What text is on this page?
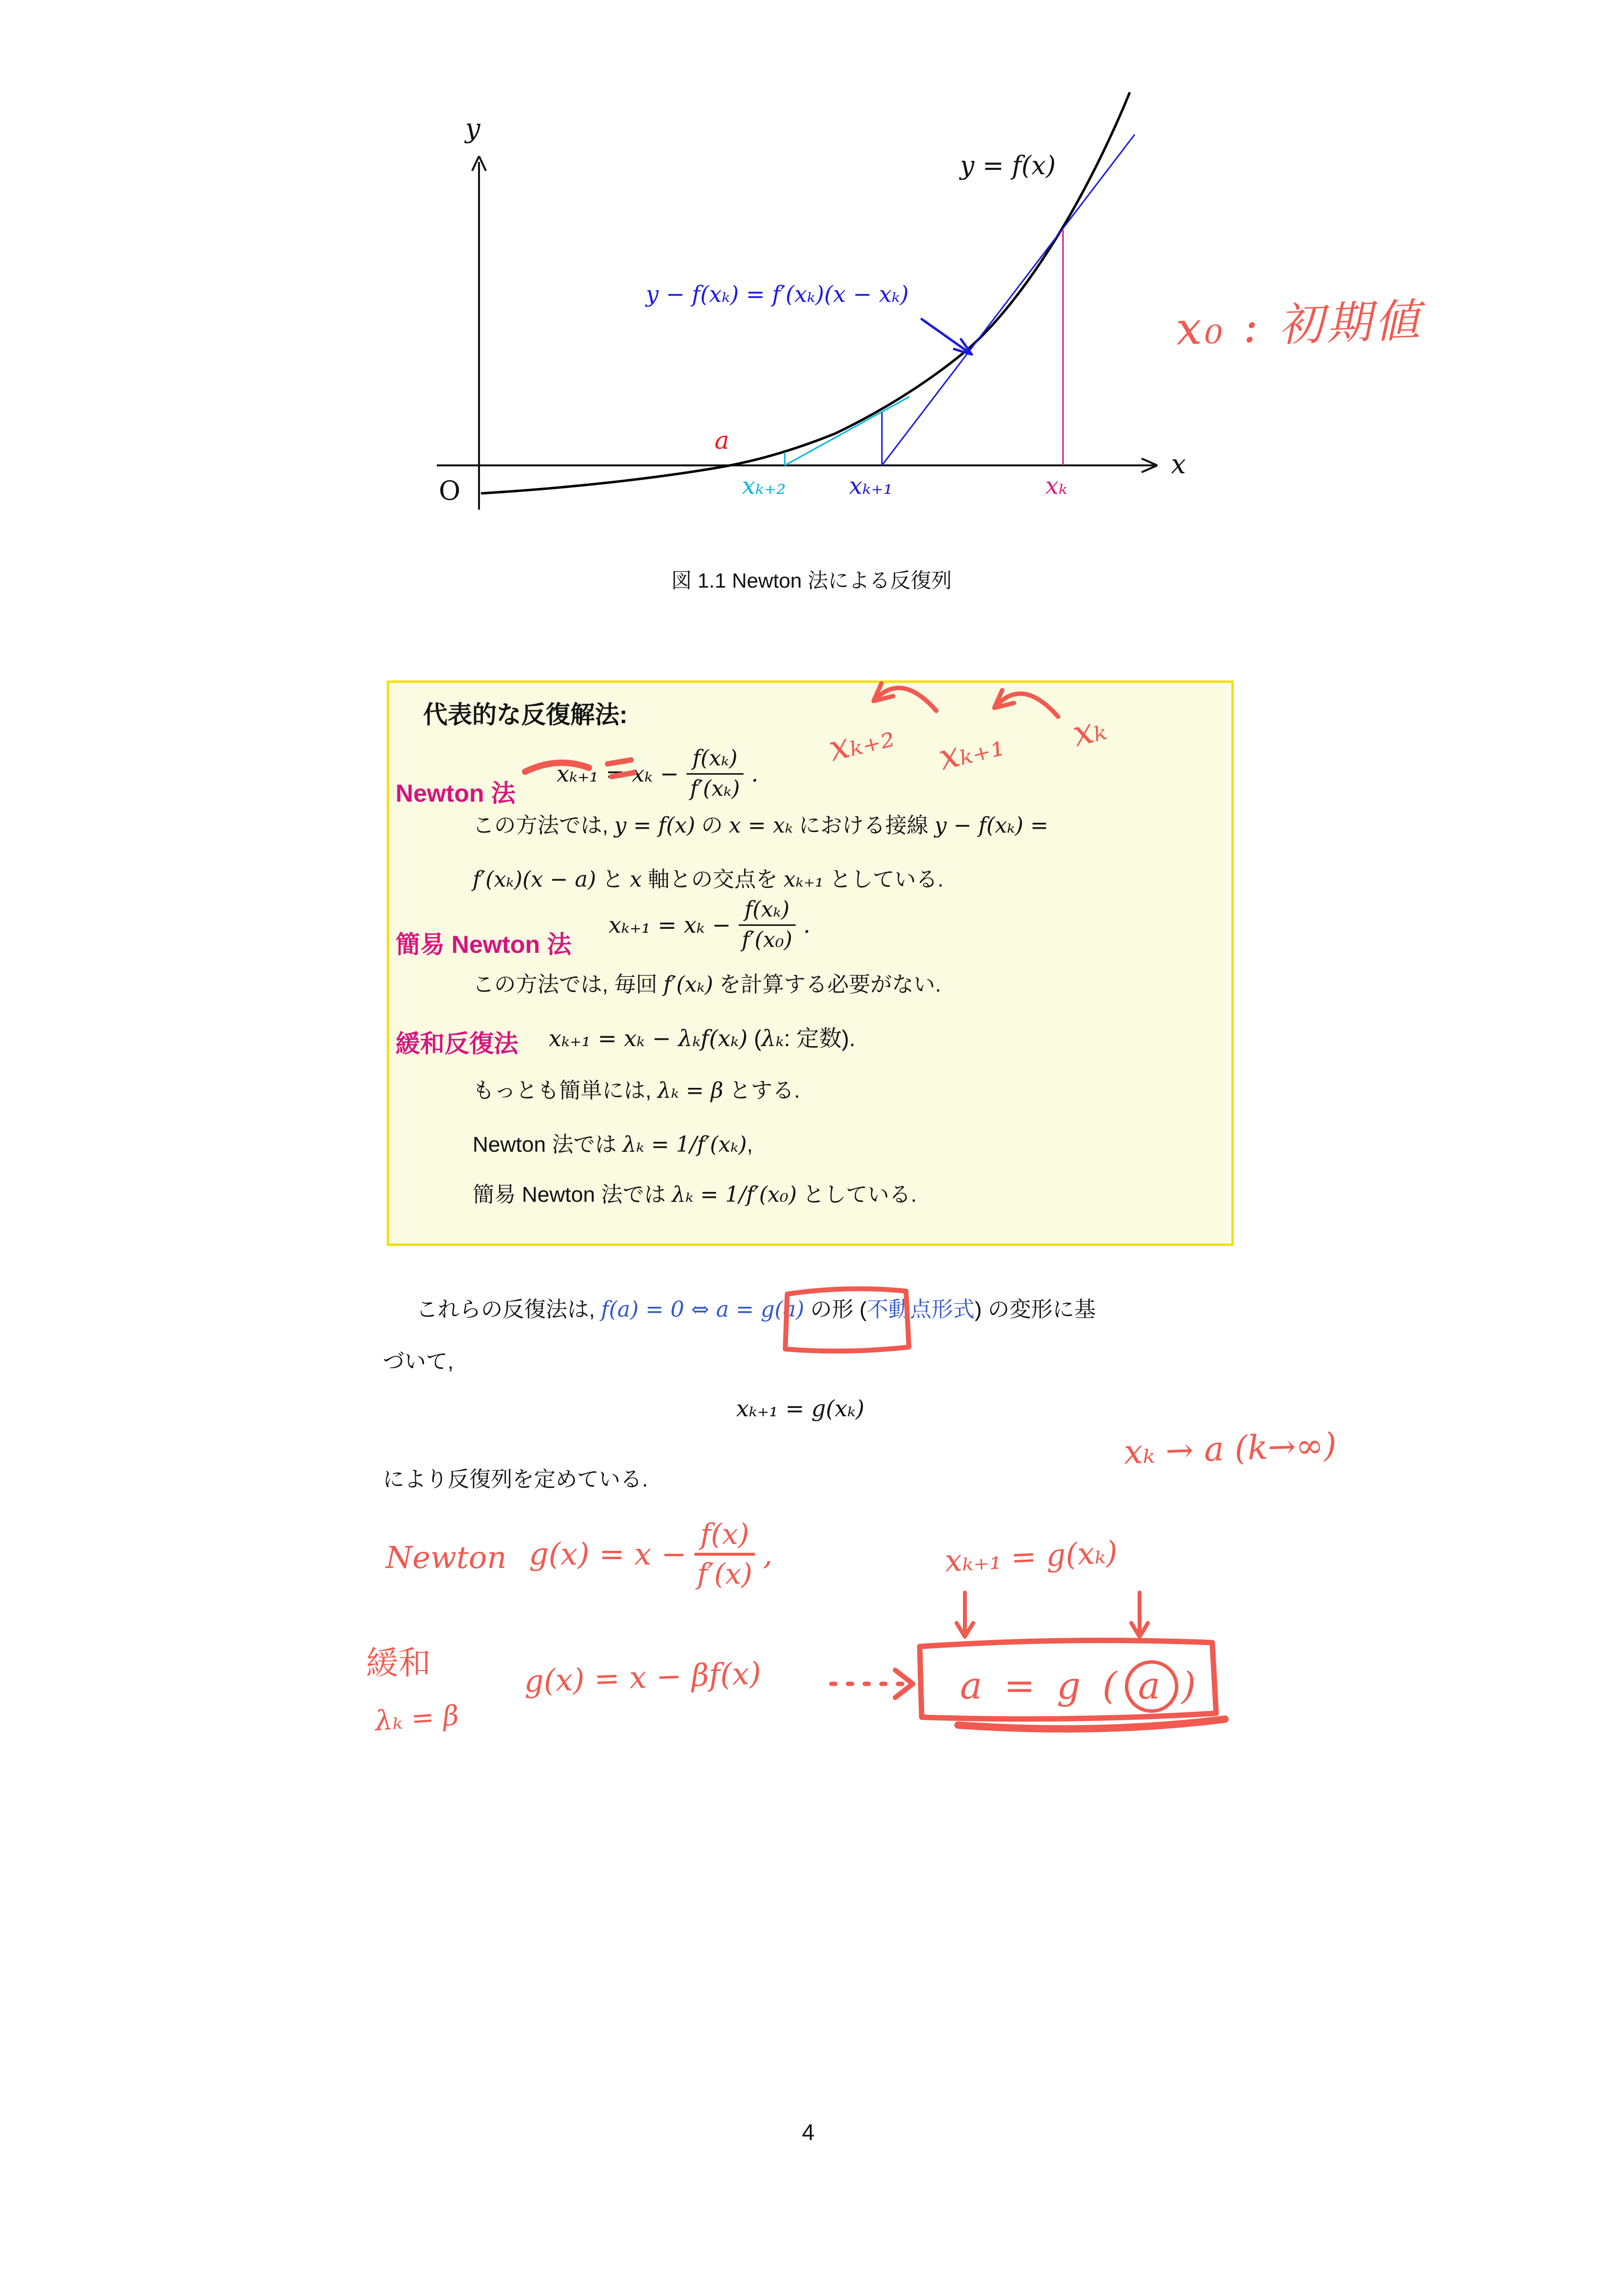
y
O
x
y = f(x)
y − f(xₖ) = f′(xₖ)(x − xₖ)
a
xₖ₊₂	xₖ₊₁	xₖ
x₀ : 初期値
図 1.1 Newton 法による反復列
代表的な反復解法:	xₖ₊₂ xₖ₊₁ xₖ
Newton 法
$x_{k+1} = x_k - \frac{\text{f(xₖ)}}{\text{f′(xₖ)}}$ .
この方法では, y = f(x) の x = xₖ における接線 y − f(xₖ) =
f′(xₖ)(x − a) と x 軸との交点を xₖ₊₁ としている.
簡易 Newton 法
$x_{k+1} = x_k - \frac{\text{f(xₖ)}}{\text{f′(x₀)}}$ .
この方法では, 毎回 f′(xₖ) を計算する必要がない.
緩和反復法 xₖ₊₁ = xₖ − λₖf(xₖ) (λₖ: 定数).
もっとも簡単には, λₖ = β とする.
Newton 法では λₖ = 1/f′(xₖ),
簡易 Newton 法では λₖ = 1/f′(x₀) としている.
これらの反復法は, f(a) = 0 ⇔ a = g(a) の形 (不動点形式) の変形に基
づいて,
xₖ₊₁ = g(xₖ)
により反復列を定めている.
xₖ → a (k→∞)
Newton $g(x) = x - \frac{f(x)}{f'(x)}$ ,	xₖ₊₁ = g(xₖ)
緩和
λₖ = β
g(x) = x − βf(x)	a = g ( a )
4
